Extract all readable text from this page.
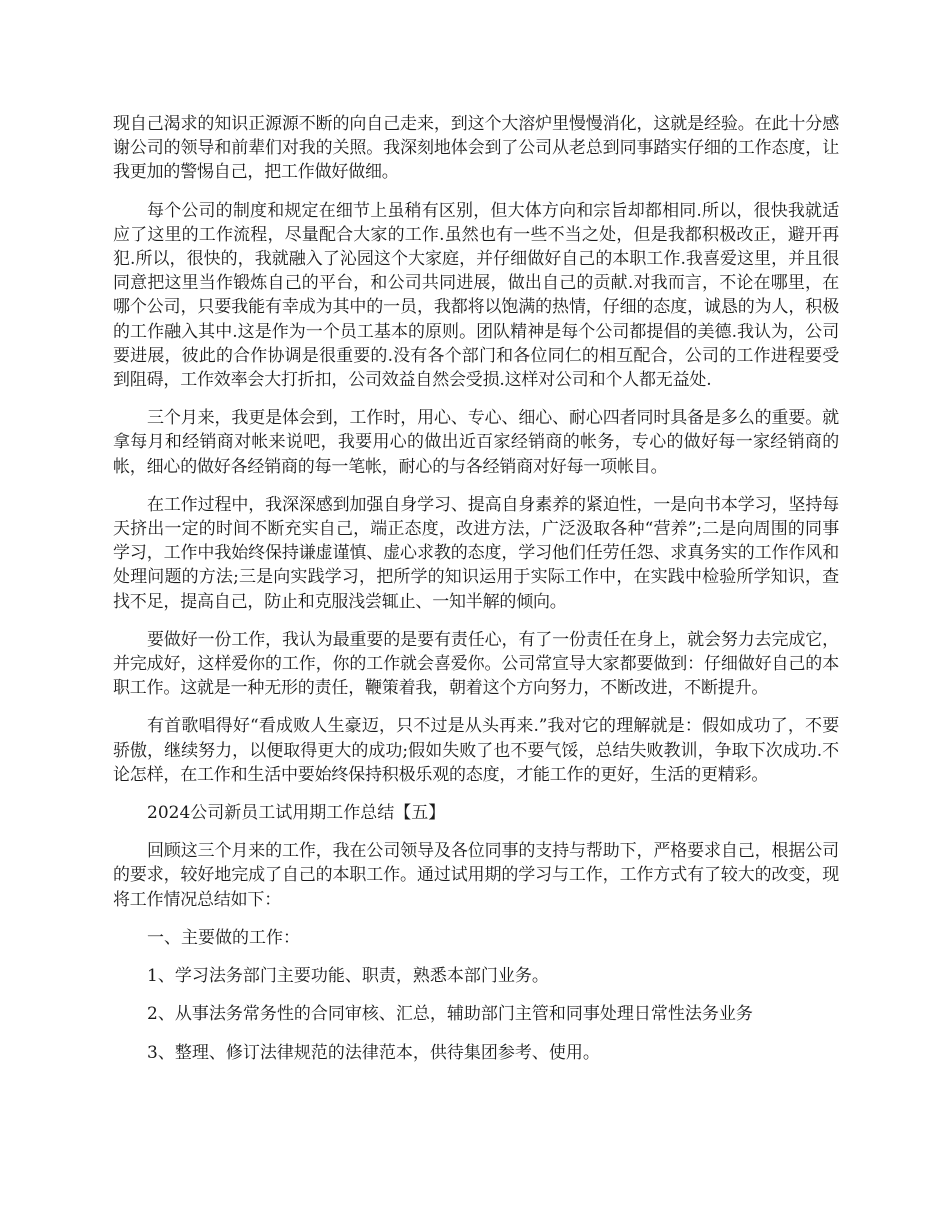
现自己渴求的知识正源源不断的向自己走来，到这个大溶炉里慢慢消化，这就是经验。在此十分感谢公司的领导和前辈们对我的关照。我深刻地体会到了公司从老总到同事踏实仔细的工作态度，让我更加的警惕自己，把工作做好做细。

每个公司的制度和规定在细节上虽稍有区别，但大体方向和宗旨却都相同.所以，很快我就适应了这里的工作流程，尽量配合大家的工作.虽然也有一些不当之处，但是我都积极改正，避开再犯.所以，很快的，我就融入了沁园这个大家庭，并仔细做好自己的本职工作.我喜爱这里，并且很同意把这里当作锻炼自己的平台，和公司共同进展，做出自己的贡献.对我而言，不论在哪里，在哪个公司，只要我能有幸成为其中的一员，我都将以饱满的热情，仔细的态度，诚恳的为人，积极的工作融入其中.这是作为一个员工基本的原则。团队精神是每个公司都提倡的美德.我认为，公司要进展，彼此的合作协调是很重要的.没有各个部门和各位同仁的相互配合，公司的工作进程要受到阻碍，工作效率会大打折扣，公司效益自然会受损.这样对公司和个人都无益处.

三个月来，我更是体会到，工作时，用心、专心、细心、耐心四者同时具备是多么的重要。就拿每月和经销商对帐来说吧，我要用心的做出近百家经销商的帐务，专心的做好每一家经销商的帐，细心的做好各经销商的每一笔帐，耐心的与各经销商对好每一项帐目。

在工作过程中，我深深感到加强自身学习、提高自身素养的紧迫性，一是向书本学习，坚持每天挤出一定的时间不断充实自己，端正态度，改进方法，广泛汲取各种“营养”;二是向周围的同事学习，工作中我始终保持谦虚谨慎、虚心求教的态度，学习他们任劳任怨、求真务实的工作作风和处理问题的方法;三是向实践学习，把所学的知识运用于实际工作中，在实践中检验所学知识，查找不足，提高自己，防止和克服浅尝辄止、一知半解的倾向。

要做好一份工作，我认为最重要的是要有责任心，有了一份责任在身上，就会努力去完成它，并完成好，这样爱你的工作，你的工作就会喜爱你。公司常宣导大家都要做到：仔细做好自己的本职工作。这就是一种无形的责任，鞭策着我，朝着这个方向努力，不断改进，不断提升。

有首歌唱得好“看成败人生豪迈，只不过是从头再来.”我对它的理解就是：假如成功了，不要骄傲，继续努力，以便取得更大的成功;假如失败了也不要气馁，总结失败教训，争取下次成功.不论怎样，在工作和生活中要始终保持积极乐观的态度，才能工作的更好，生活的更精彩。

2024公司新员工试用期工作总结【五】

回顾这三个月来的工作，我在公司领导及各位同事的支持与帮助下，严格要求自己，根据公司的要求，较好地完成了自己的本职工作。通过试用期的学习与工作，工作方式有了较大的改变，现将工作情况总结如下：

一、主要做的工作：

1、学习法务部门主要功能、职责，熟悉本部门业务。

2、从事法务常务性的合同审核、汇总，辅助部门主管和同事处理日常性法务业务

3、整理、修订法律规范的法律范本，供待集团参考、使用。
